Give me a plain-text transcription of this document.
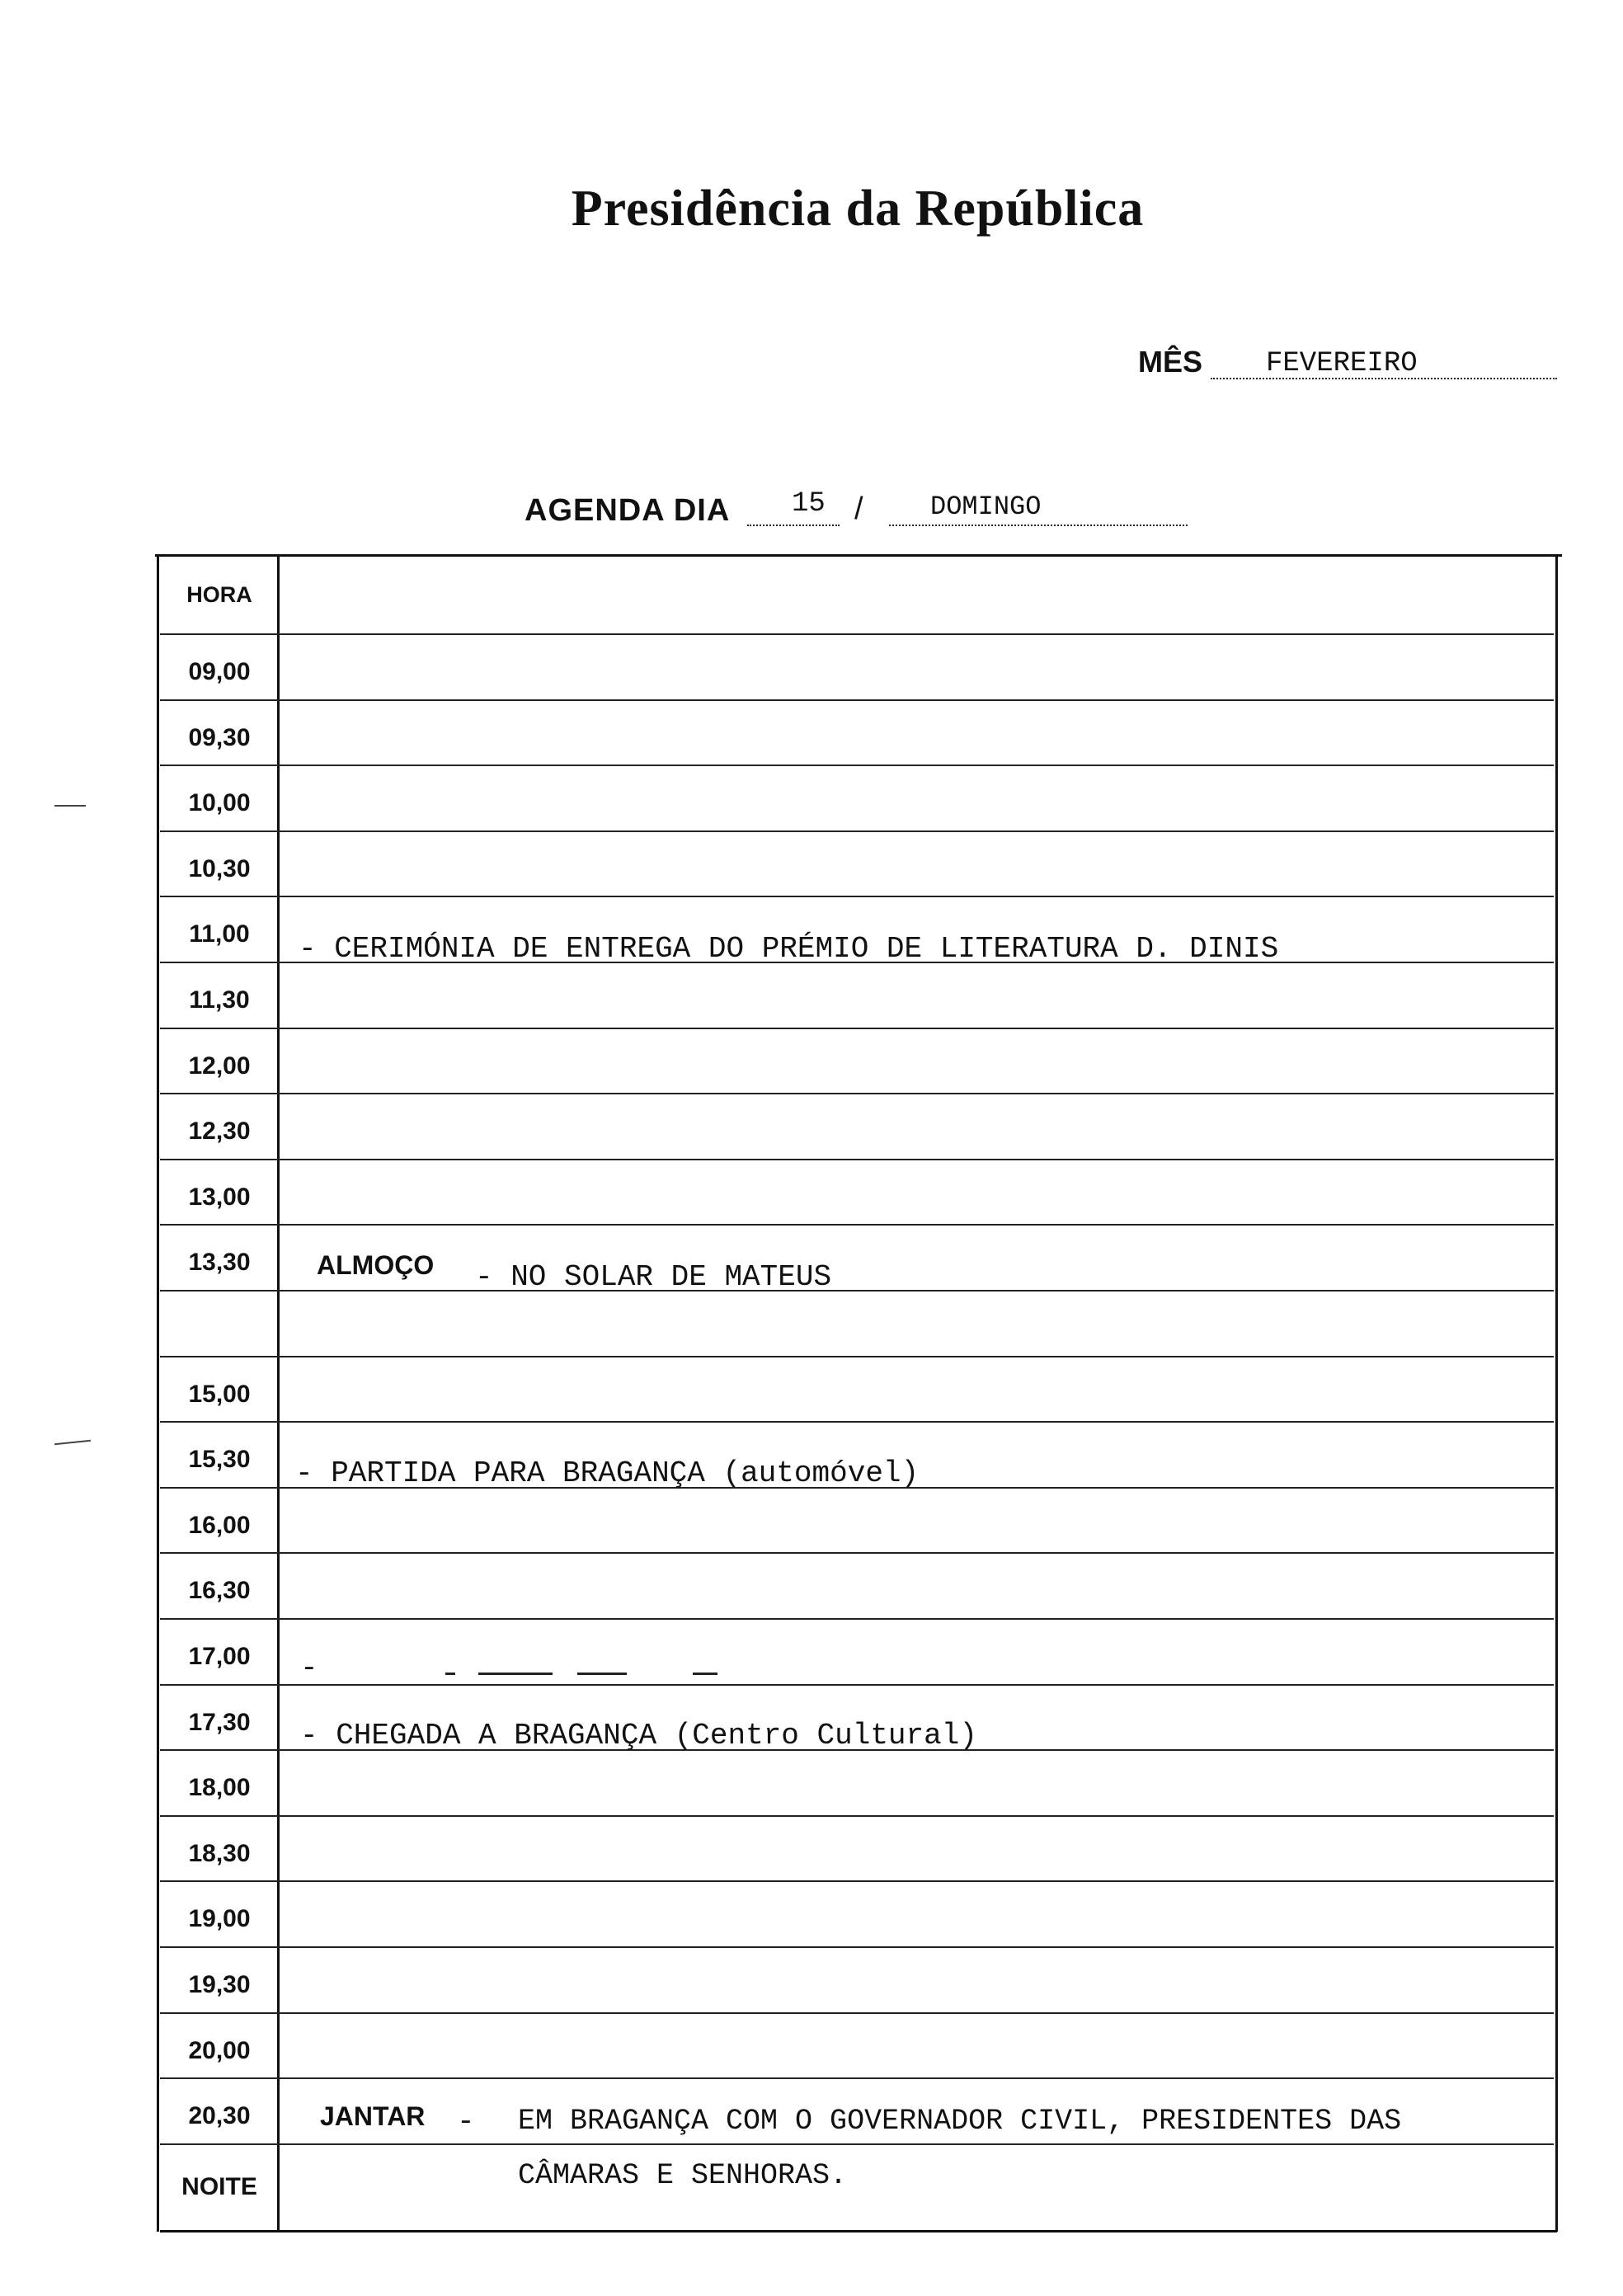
Presidência da República
MÊS FEVEREIRO
AGENDA DIA 15 /	DOMINGO
HORA
09,00
09,30
10,00
10,30
11,00
11,30
12,00
12,30
13,00
13,30
15,00
15,30
16,00
16,30
17,00
17,30
18,00
18,30
19,00
19,30
20,00
20,30
NOITE
- CERIMÓNIA DE ENTREGA DO PRÉMIO DE LITERATURA D. DINIS
ALMOÇO - NO SOLAR DE MATEUS
- PARTIDA PARA BRAGANÇA (automóvel)
-
- CHEGADA A BRAGANÇA (Centro Cultural)
JANTAR - EM BRAGANÇA COM O GOVERNADOR CIVIL, PRESIDENTES DAS
CÂMARAS E SENHORAS.
